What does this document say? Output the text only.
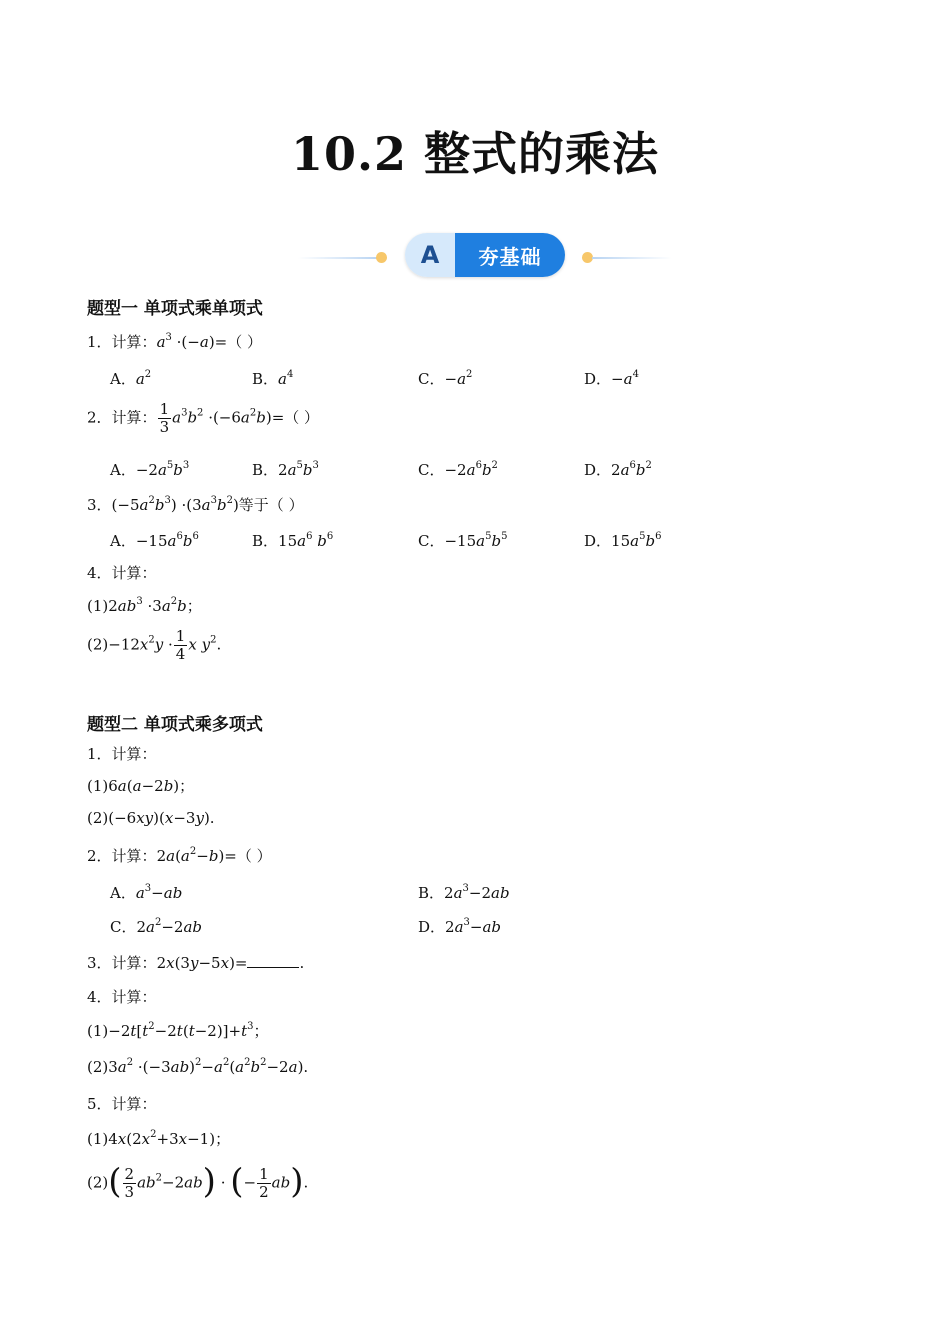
10.2 整式的乘法
A	夯基础
题型一 单项式乘单项式
1．计算：$a^3 \cdot(-a)=$（ ）
A．$a^2$	B．$a^4$	C．$-a^2$	D．$-a^4$
2．计算： $\frac{1}{3} a^3b^2 \cdot(-6a^2b)=$（ ）
A．$-2a^5b^3$	B．$2a^5b^3$	C．$-2a^6b^2$	D．$2a^6b^2$
3．$(-5a^2b^3) \cdot(3a^3b^2)$等于（ ）
A．$-15a^6b^6$	B．$15a^6$ $b^6$	C．$-15a^5b^5$	D．$15a^5b^6$
4．计算：
$(1)2ab^3 \cdot 3a^2b$；
$(2)-12x^2y \cdot \frac{1}{4}$ x $y^2$.
题型二 单项式乘多项式
1．计算：
(1)6a(a−2b)；
(2)(−6xy)(x−3y).
2．计算：$2a(a^2-b)=$（ ）
A．$a^3-ab$	B．$2a^3-2ab$
C．$2a^2-2ab$	D．$2a^3-ab$
3．计算：2x(3y−5x)=	.
4．计算：
$(1)-2t[t^2-2t(t-2)]+t^3$；
$(2)3a^2 \cdot(-3ab)^2-a^2(a^2b^2-2a)$.
5．计算：
$(1)4x(2x^2+3x-1)$；
$(2)( \frac{2}{3} ab^2-2ab)$ · (− $\frac{1}{2} ab$).
